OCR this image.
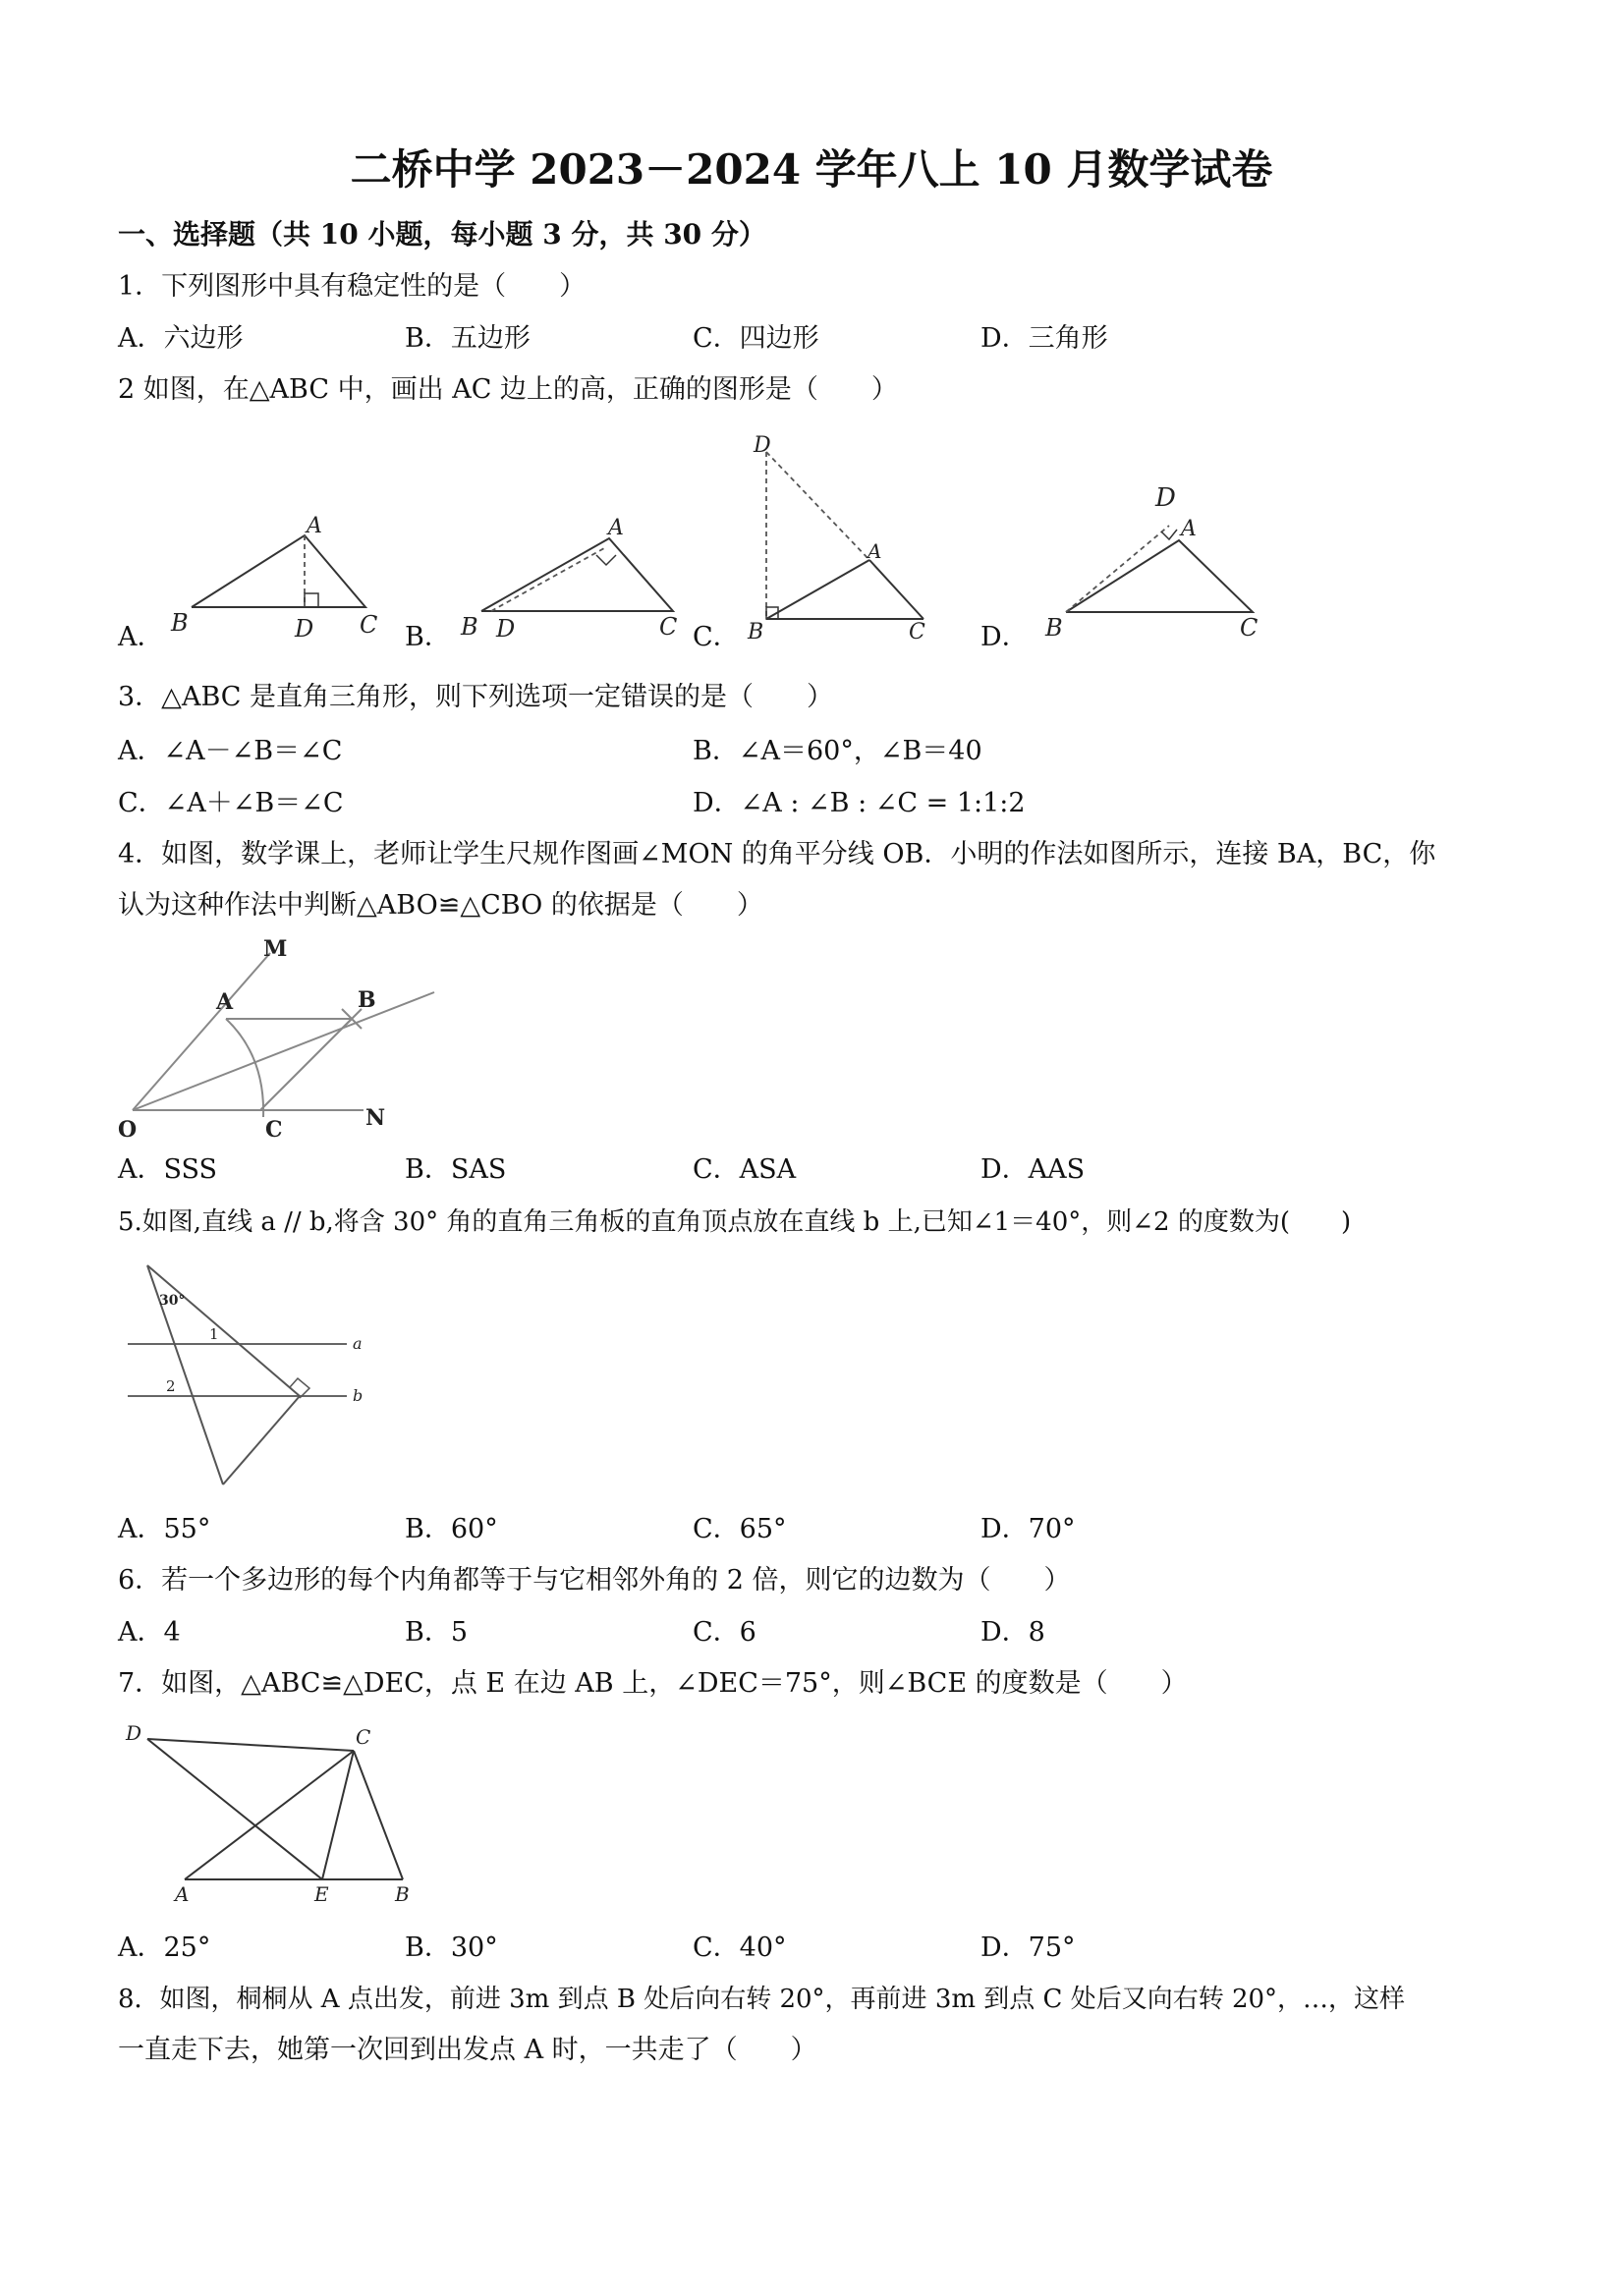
二桥中学 2023－2024 学年八上 10 月数学试卷
一、选择题（共 10 小题，每小题 3 分，共 30 分）
1．下列图形中具有稳定性的是（　　）
A．六边形	B．五边形	C．四边形	D．三角形
2 如图，在△ABC 中，画出 AC 边上的高，正确的图形是（　　）
A．	B．	C．	D．
A
B	D C
A
B D	C
D
A
B	C
D
A
B	C
3．△ABC 是直角三角形，则下列选项一定错误的是（　　）
A．∠A－∠B＝∠C	B．∠A＝60°，∠B＝40
C．∠A＋∠B＝∠C	D．∠A : ∠B : ∠C = 1:1:2
4．如图，数学课上，老师让学生尺规作图画∠MON 的角平分线 OB．小明的作法如图所示，连接 BA，BC，你
认为这种作法中判断△ABO≌△CBO 的依据是（　　）
M
A	B
O	C	N
A．SSS	B．SAS	C．ASA	D．AAS
5.如图,直线 a // b,将含 30° 角的直角三角板的直角顶点放在直线 b 上,已知∠1＝40°，则∠2 的度数为(　　)
30°
1
2
a
b
A．55°	B．60°	C．65°	D．70°
6．若一个多边形的每个内角都等于与它相邻外角的 2 倍，则它的边数为（　　）
A．4	B．5	C．6	D．8
7．如图，△ABC≌△DEC，点 E 在边 AB 上，∠DEC＝75°，则∠BCE 的度数是（　　）
D	C
A	E	B
A．25°	B．30°	C．40°	D．75°
8．如图，桐桐从 A 点出发，前进 3m 到点 B 处后向右转 20°，再前进 3m 到点 C 处后又向右转 20°，…，这样
一直走下去，她第一次回到出发点 A 时，一共走了（　　）
